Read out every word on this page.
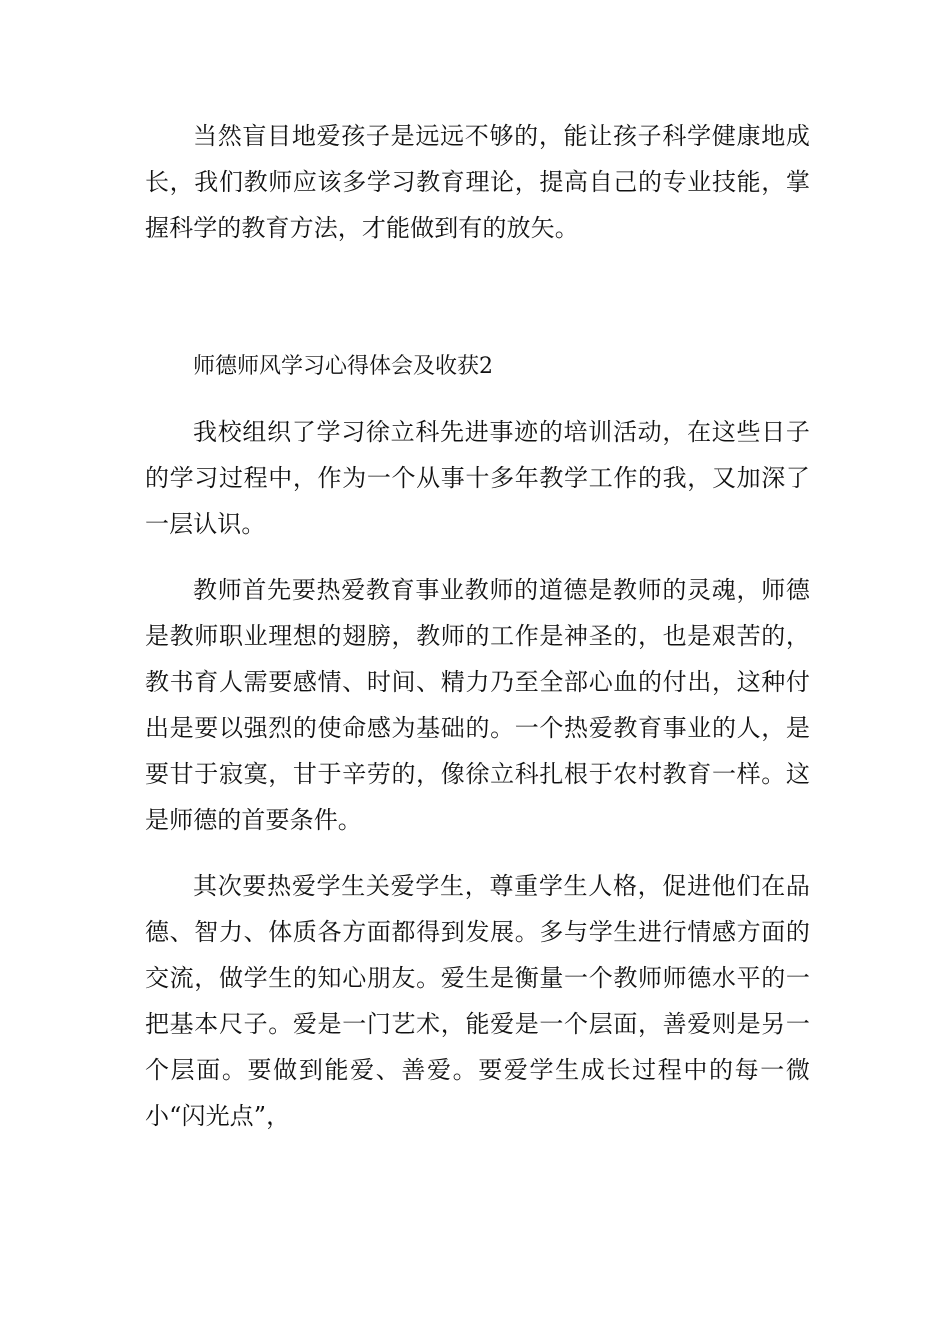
当然盲目地爱孩子是远远不够的，能让孩子科学健康地成长，我们教师应该多学习教育理论，提高自己的专业技能，掌握科学的教育方法，才能做到有的放矢。

师德师风学习心得体会及收获2

我校组织了学习徐立科先进事迹的培训活动，在这些日子的学习过程中，作为一个从事十多年教学工作的我，又加深了一层认识。

教师首先要热爱教育事业教师的道德是教师的灵魂，师德是教师职业理想的翅膀，教师的工作是神圣的，也是艰苦的，教书育人需要感情、时间、精力乃至全部心血的付出，这种付出是要以强烈的使命感为基础的。一个热爱教育事业的人，是要甘于寂寞，甘于辛劳的，像徐立科扎根于农村教育一样。这是师德的首要条件。

其次要热爱学生关爱学生，尊重学生人格，促进他们在品德、智力、体质各方面都得到发展。多与学生进行情感方面的交流，做学生的知心朋友。爱生是衡量一个教师师德水平的一把基本尺子。爱是一门艺术，能爱是一个层面，善爱则是另一个层面。要做到能爱、善爱。要爱学生成长过程中的每一微小“闪光点”，
